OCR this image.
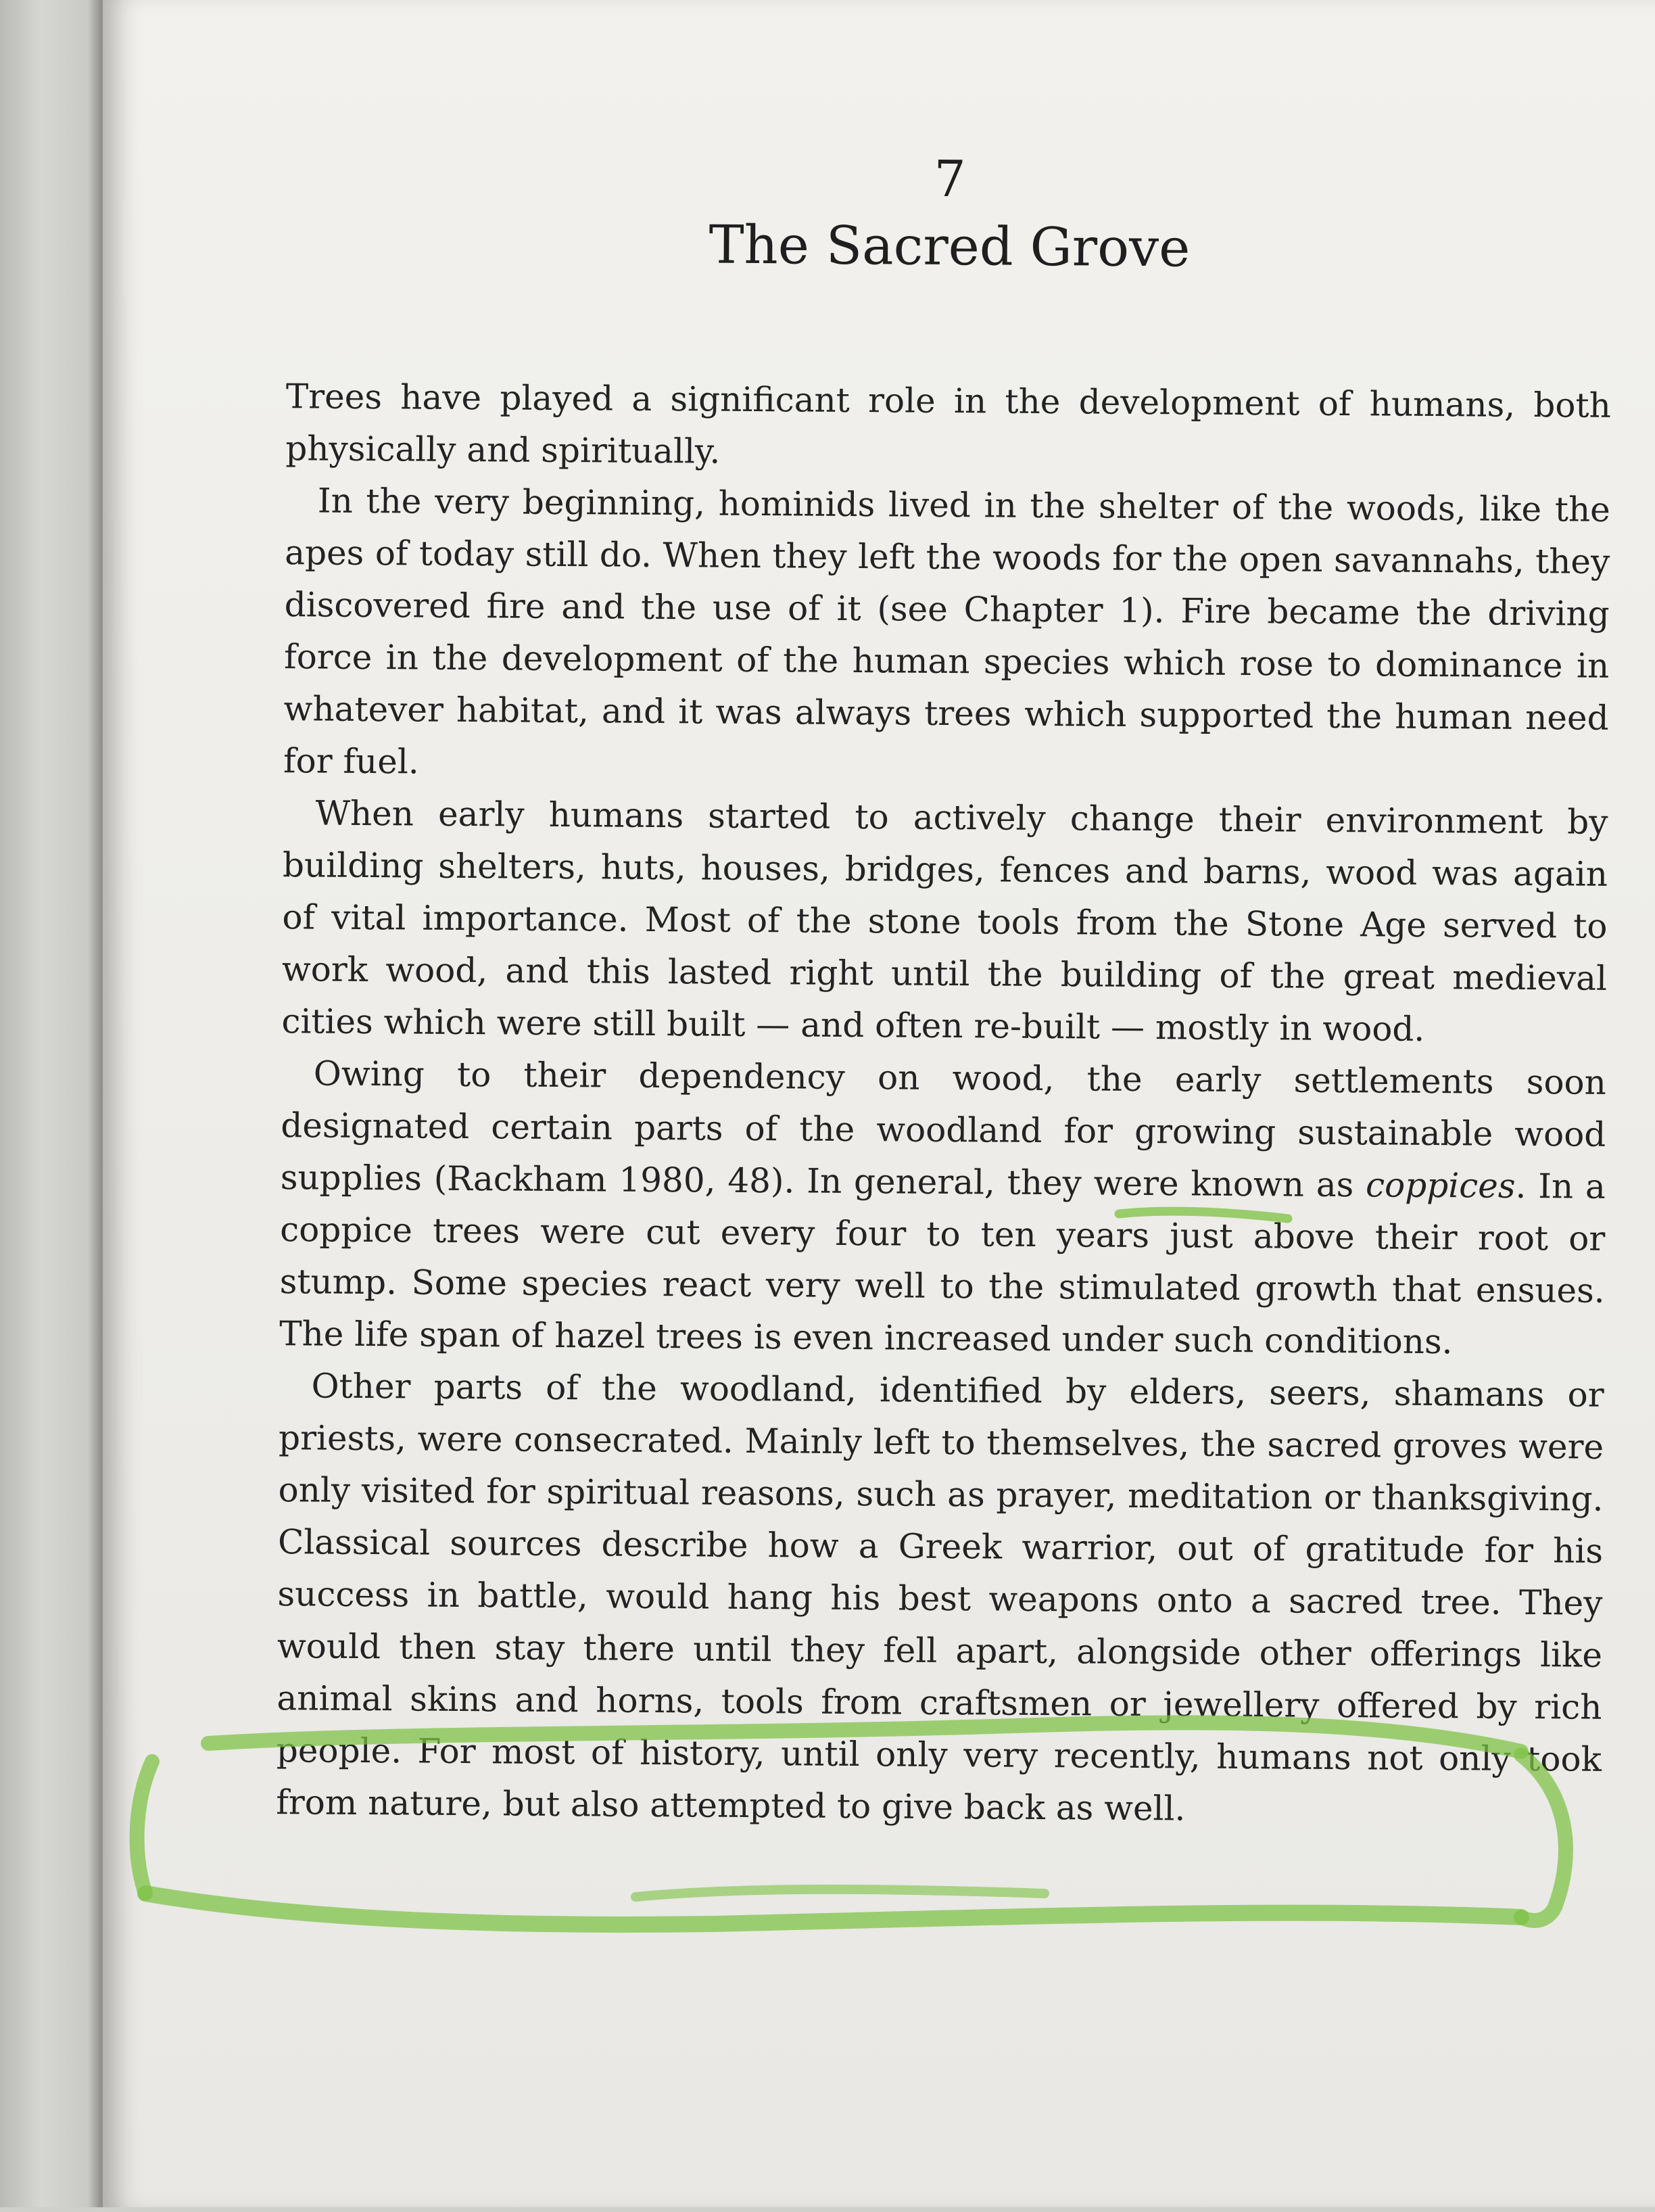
7
The Sacred Grove

Trees have played a significant role in the development of humans, both physically and spiritually.

In the very beginning, hominids lived in the shelter of the woods, like the apes of today still do. When they left the woods for the open savannahs, they discovered fire and the use of it (see Chapter 1). Fire became the driving force in the development of the human species which rose to dominance in whatever habitat, and it was always trees which supported the human need for fuel.

When early humans started to actively change their environment by building shelters, huts, houses, bridges, fences and barns, wood was again of vital importance. Most of the stone tools from the Stone Age served to work wood, and this lasted right until the building of the great medieval cities which were still built — and often re-built — mostly in wood.

Owing to their dependency on wood, the early settlements soon designated certain parts of the woodland for growing sustainable wood supplies (Rackham 1980, 48). In general, they were known as coppices. In a coppice trees were cut every four to ten years just above their root or stump. Some species react very well to the stimulated growth that ensues. The life span of hazel trees is even increased under such conditions.

Other parts of the woodland, identified by elders, seers, shamans or priests, were consecrated. Mainly left to themselves, the sacred groves were only visited for spiritual reasons, such as prayer, meditation or thanksgiving. Classical sources describe how a Greek warrior, out of gratitude for his success in battle, would hang his best weapons onto a sacred tree. They would then stay there until they fell apart, alongside other offerings like animal skins and horns, tools from craftsmen or jewellery offered by rich people. For most of history, until only very recently, humans not only took from nature, but also attempted to give back as well.
